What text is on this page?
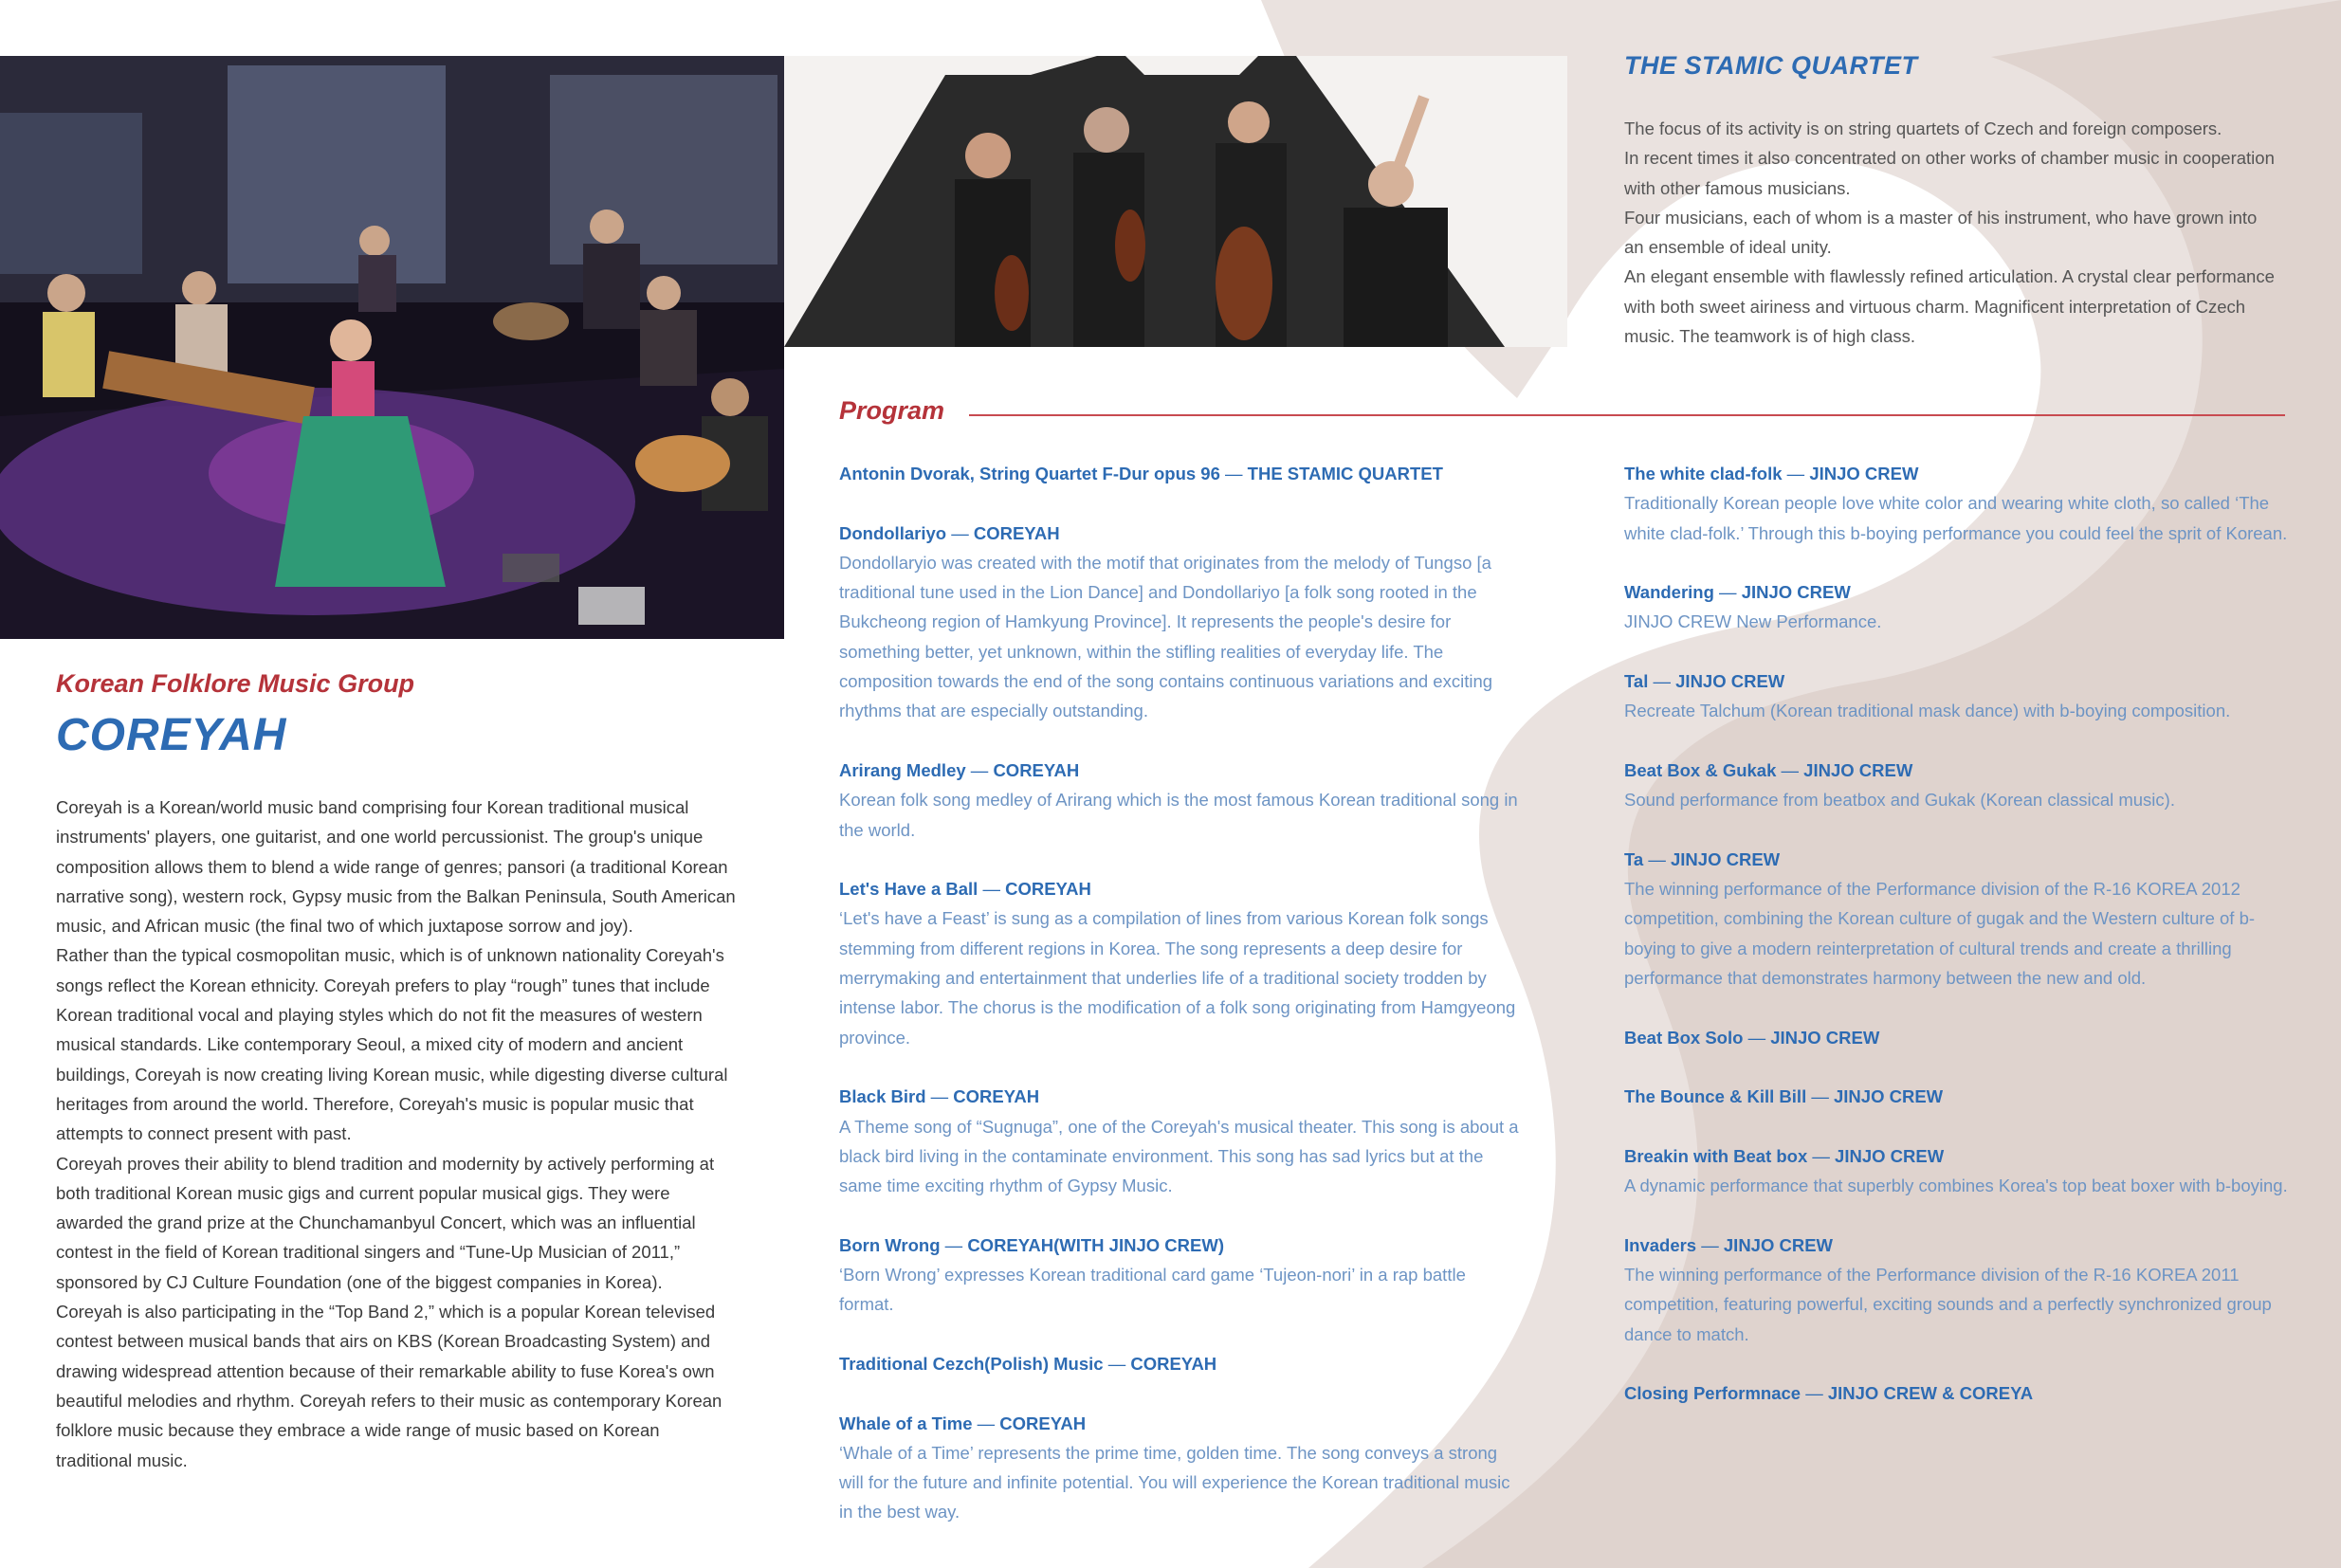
Korean Folklore Music Group
COREYAH

Coreyah is a Korean/world music band comprising four Korean traditional musical instruments' players, one guitarist, and one world percussionist. The group's unique composition allows them to blend a wide range of genres; pansori (a traditional Korean narrative song), western rock, Gypsy music from the Balkan Peninsula, South American music, and African music (the final two of which juxtapose sorrow and joy).

Rather than the typical cosmopolitan music, which is of unknown nationality Coreyah's songs reflect the Korean ethnicity. Coreyah prefers to play “rough” tunes that include Korean traditional vocal and playing styles which do not fit the measures of western musical standards. Like contemporary Seoul, a mixed city of modern and ancient buildings, Coreyah is now creating living Korean music, while digesting diverse cultural heritages from around the world. Therefore, Coreyah's music is popular music that attempts to connect present with past.

Coreyah proves their ability to blend tradition and modernity by actively performing at both traditional Korean music gigs and current popular musical gigs. They were awarded the grand prize at the Chunchamanbyul Concert, which was an influential contest in the field of Korean traditional singers and “Tune-Up Musician of 2011,” sponsored by CJ Culture Foundation (one of the biggest companies in Korea).

Coreyah is also participating in the “Top Band 2,” which is a popular Korean televised contest between musical bands that airs on KBS (Korean Broadcasting System) and drawing widespread attention because of their remarkable ability to fuse Korea's own beautiful melodies and rhythm. Coreyah refers to their music as contemporary Korean folklore music because they embrace a wide range of music based on Korean traditional music.

THE STAMIC QUARTET

The focus of its activity is on string quartets of Czech and foreign composers.

In recent times it also concentrated on other works of chamber music in cooperation with other famous musicians.

Four musicians, each of whom is a master of his instrument, who have grown into an ensemble of ideal unity.

An elegant ensemble with flawlessly refined articulation. A crystal clear performance with both sweet airiness and virtuous charm. Magnificent interpretation of Czech music. The teamwork is of high class.

Program
Antonin Dvorak, String Quartet F-Dur opus 96 — THE STAMIC QUARTET
Dondollariyo — COREYAH
Dondollaryio was created with the motif that originates from the melody of Tungso [a traditional tune used in the Lion Dance] and Dondollariyo [a folk song rooted in the Bukcheong region of Hamkyung Province]. It represents the people's desire for something better, yet unknown, within the stifling realities of everyday life. The composition towards the end of the song contains continuous variations and exciting rhythms that are especially outstanding.
Arirang Medley — COREYAH
Korean folk song medley of Arirang which is the most famous Korean traditional song in the world.
Let's Have a Ball — COREYAH
‘Let's have a Feast’ is sung as a compilation of lines from various Korean folk songs stemming from different regions in Korea. The song represents a deep desire for merrymaking and entertainment that underlies life of a traditional society trodden by intense labor. The chorus is the modification of a folk song originating from Hamgyeong province.
Black Bird — COREYAH
A Theme song of “Sugnuga”, one of the Coreyah's musical theater. This song is about a black bird living in the contaminate environment. This song has sad lyrics but at the same time exciting rhythm of Gypsy Music.
Born Wrong — COREYAH(WITH JINJO CREW)
‘Born Wrong’ expresses Korean traditional card game ‘Tujeon-nori’ in a rap battle format.
Traditional Cezch(Polish) Music — COREYAH
Whale of a Time — COREYAH
‘Whale of a Time’ represents the prime time, golden time. The song conveys a strong will for the future and infinite potential. You will experience the Korean traditional music in the best way.
The white clad-folk — JINJO CREW
Traditionally Korean people love white color and wearing white cloth, so called ‘The white clad-folk.’ Through this b-boying performance you could feel the sprit of Korean.
Wandering — JINJO CREW
JINJO CREW New Performance.
Tal — JINJO CREW
Recreate Talchum (Korean traditional mask dance) with b-boying composition.
Beat Box & Gukak — JINJO CREW
Sound performance from beatbox and Gukak (Korean classical music).
Ta — JINJO CREW
The winning performance of the Performance division of the R-16 KOREA 2012 competition, combining the Korean culture of gugak and the Western culture of b-boying to give a modern reinterpretation of cultural trends and create a thrilling performance that demonstrates harmony between the new and old.
Beat Box Solo — JINJO CREW
The Bounce & Kill Bill — JINJO CREW
Breakin with Beat box — JINJO CREW
A dynamic performance that superbly combines Korea's top beat boxer with b-boying.
Invaders — JINJO CREW
The winning performance of the Performance division of the R-16 KOREA 2011 competition, featuring powerful, exciting sounds and a perfectly synchronized group dance to match.
Closing Performnace — JINJO CREW & COREYA
